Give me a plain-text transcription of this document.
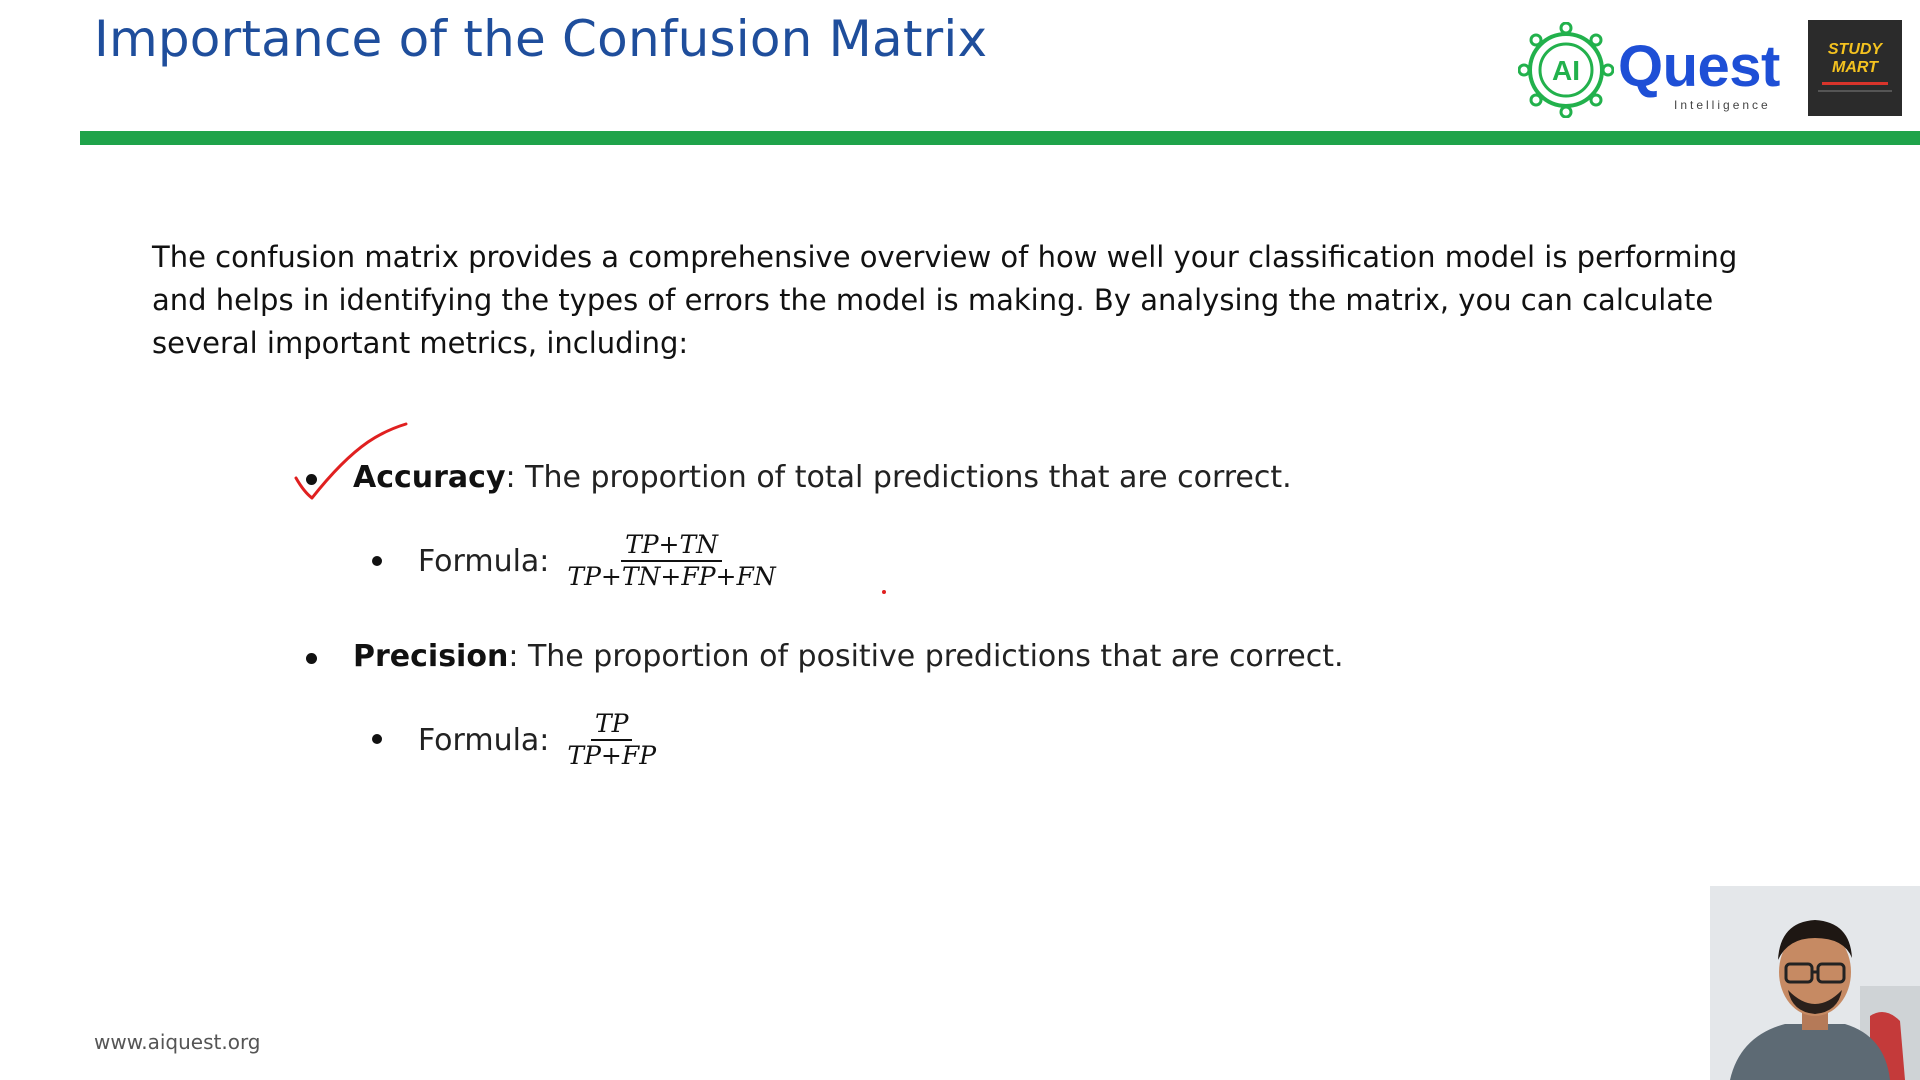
Importance of the Confusion Matrix
AI Quest
Intelligence
STUDY
MART
The confusion matrix provides a comprehensive overview of how well your classification model is performing and helps in identifying the types of errors the model is making. By analysing the matrix, you can calculate several important metrics, including:
Accuracy: The proportion of total predictions that are correct.
Formula: $\frac{TP+TN}{TP+TN+FP+FN}$
Precision: The proportion of positive predictions that are correct.
Formula: $\frac{TP}{TP+FP}$
www.aiquest.org
